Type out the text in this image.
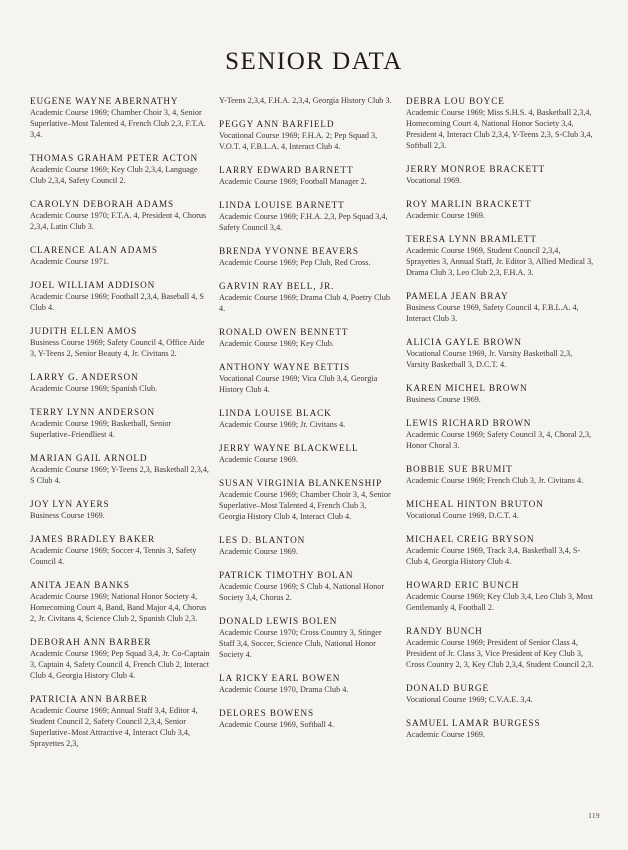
SENIOR DATA
EUGENE WAYNE ABERNATHY
Academic Course 1969; Chamber Choir 3, 4, Senior Superlative–Most Talented 4, French Club 2,3, F.T.A. 3,4.
THOMAS GRAHAM PETER ACTON
Academic Course 1969; Key Club 2,3,4, Language Club 2,3,4, Safety Council 2.
CAROLYN DEBORAH ADAMS
Academic Course 1970; F.T.A. 4, President 4, Chorus 2,3,4, Latin Club 3.
CLARENCE ALAN ADAMS
Academic Course 1971.
JOEL WILLIAM ADDISON
Academic Course 1969; Football 2,3,4, Baseball 4, S Club 4.
JUDITH ELLEN AMOS
Business Course 1969; Safety Council 4, Office Aide 3, Y-Teens 2, Senior Beauty 4, Jr. Civitans 2.
LARRY G. ANDERSON
Academic Course 1969; Spanish Club.
TERRY LYNN ANDERSON
Academic Course 1969; Basketball, Senior Superlative–Friendliest 4.
MARIAN GAIL ARNOLD
Academic Course 1969; Y-Teens 2,3, Basketball 2,3,4, S Club 4.
JOY LYN AYERS
Business Course 1969.
JAMES BRADLEY BAKER
Academic Course 1969; Soccer 4, Tennis 3, Safety Council 4.
ANITA JEAN BANKS
Academic Course 1969; National Honor Society 4, Homecoming Court 4, Band, Band Major 4,4, Chorus 2, Jr. Civitans 4, Science Club 2, Spanish Club 2,3.
DEBORAH ANN BARBER
Academic Course 1969; Pep Squad 3,4, Jr. Co-Captain 3, Captain 4, Safety Council 4, French Club 2, Interact Club 4, Georgia History Club 4.
PATRICIA ANN BARBER
Academic Course 1969; Annual Staff 3,4, Editor 4, Student Council 2, Safety Council 2,3,4, Senior Superlative–Most Attractive 4, Interact Club 3,4, Sprayettes 2,3,
Y-Teens 2,3,4, F.H.A. 2,3,4, Georgia History Club 3.
PEGGY ANN BARFIELD
Vocational Course 1969; F.H.A. 2; Pep Squad 3, V.O.T. 4, F.B.L.A. 4, Interact Club 4.
LARRY EDWARD BARNETT
Academic Course 1969; Football Manager 2.
LINDA LOUISE BARNETT
Academic Course 1969; F.H.A. 2,3, Pep Squad 3,4, Safety Council 3,4.
BRENDA YVONNE BEAVERS
Academic Course 1969; Pep Club, Red Cross.
GARVIN RAY BELL, JR.
Academic Course 1969; Drama Club 4, Poetry Club 4.
RONALD OWEN BENNETT
Academic Course 1969; Key Club.
ANTHONY WAYNE BETTIS
Vocational Course 1969; Vica Club 3,4, Georgia History Club 4.
LINDA LOUISE BLACK
Academic Course 1969; Jr. Civitans 4.
JERRY WAYNE BLACKWELL
Academic Course 1969.
SUSAN VIRGINIA BLANKENSHIP
Academic Course 1969; Chamber Choir 3, 4, Senior Superlative–Most Talented 4, French Club 3, Georgia History Club 4, Interact Club 4.
LES D. BLANTON
Academic Course 1969.
PATRICK TIMOTHY BOLAN
Academic Course 1969; S Club 4, National Honor Society 3,4, Chorus 2.
DONALD LEWIS BOLEN
Academic Course 1970; Cross Country 3, Stinger Staff 3,4, Soccer, Science Club, National Honor Society 4.
LA RICKY EARL BOWEN
Academic Course 1970, Drama Club 4.
DELORES BOWENS
Academic Course 1969, Softball 4.
DEBRA LOU BOYCE
Academic Course 1969; Miss S.H.S. 4, Basketball 2,3,4, Homecoming Court 4, National Honor Society 3,4, President 4, Interact Club 2,3,4, Y-Teens 2,3, S-Club 3,4, Softball 2,3.
JERRY MONROE BRACKETT
Vocational 1969.
ROY MARLIN BRACKETT
Academic Course 1969.
TERESA LYNN BRAMLETT
Academic Course 1969, Student Council 2,3,4, Sprayettes 3, Annual Staff, Jr. Editor 3, Allied Medical 3, Drama Club 3, Leo Club 2,3, F.H.A. 3.
PAMELA JEAN BRAY
Business Course 1969, Safety Council 4, F.B.L.A. 4, Interact Club 3.
ALICIA GAYLE BROWN
Vocational Course 1969, Jr. Varsity Basketball 2,3, Varsity Basketball 3, D.C.T. 4.
KAREN MICHEL BROWN
Business Course 1969.
LEWIS RICHARD BROWN
Academic Course 1969; Safety Council 3, 4, Choral 2,3, Honor Choral 3.
BOBBIE SUE BRUMIT
Academic Course 1969; French Club 3, Jr. Civitans 4.
MICHEAL HINTON BRUTON
Vocational Course 1969, D.C.T. 4.
MICHAEL CREIG BRYSON
Academic Course 1969, Track 3,4, Basketball 3,4, S-Club 4, Georgia History Club 4.
HOWARD ERIC BUNCH
Academic Course 1969; Key Club 3,4, Leo Club 3, Most Gentlemanly 4, Football 2.
RANDY BUNCH
Academic Course 1969; President of Senior Class 4, President of Jr. Class 3, Vice President of Key Club 3, Cross Country 2, 3, Key Club 2,3,4, Student Council 2,3.
DONALD BURGE
Vocational Course 1969; C.V.A.E. 3,4.
SAMUEL LAMAR BURGESS
Academic Course 1969.
119
